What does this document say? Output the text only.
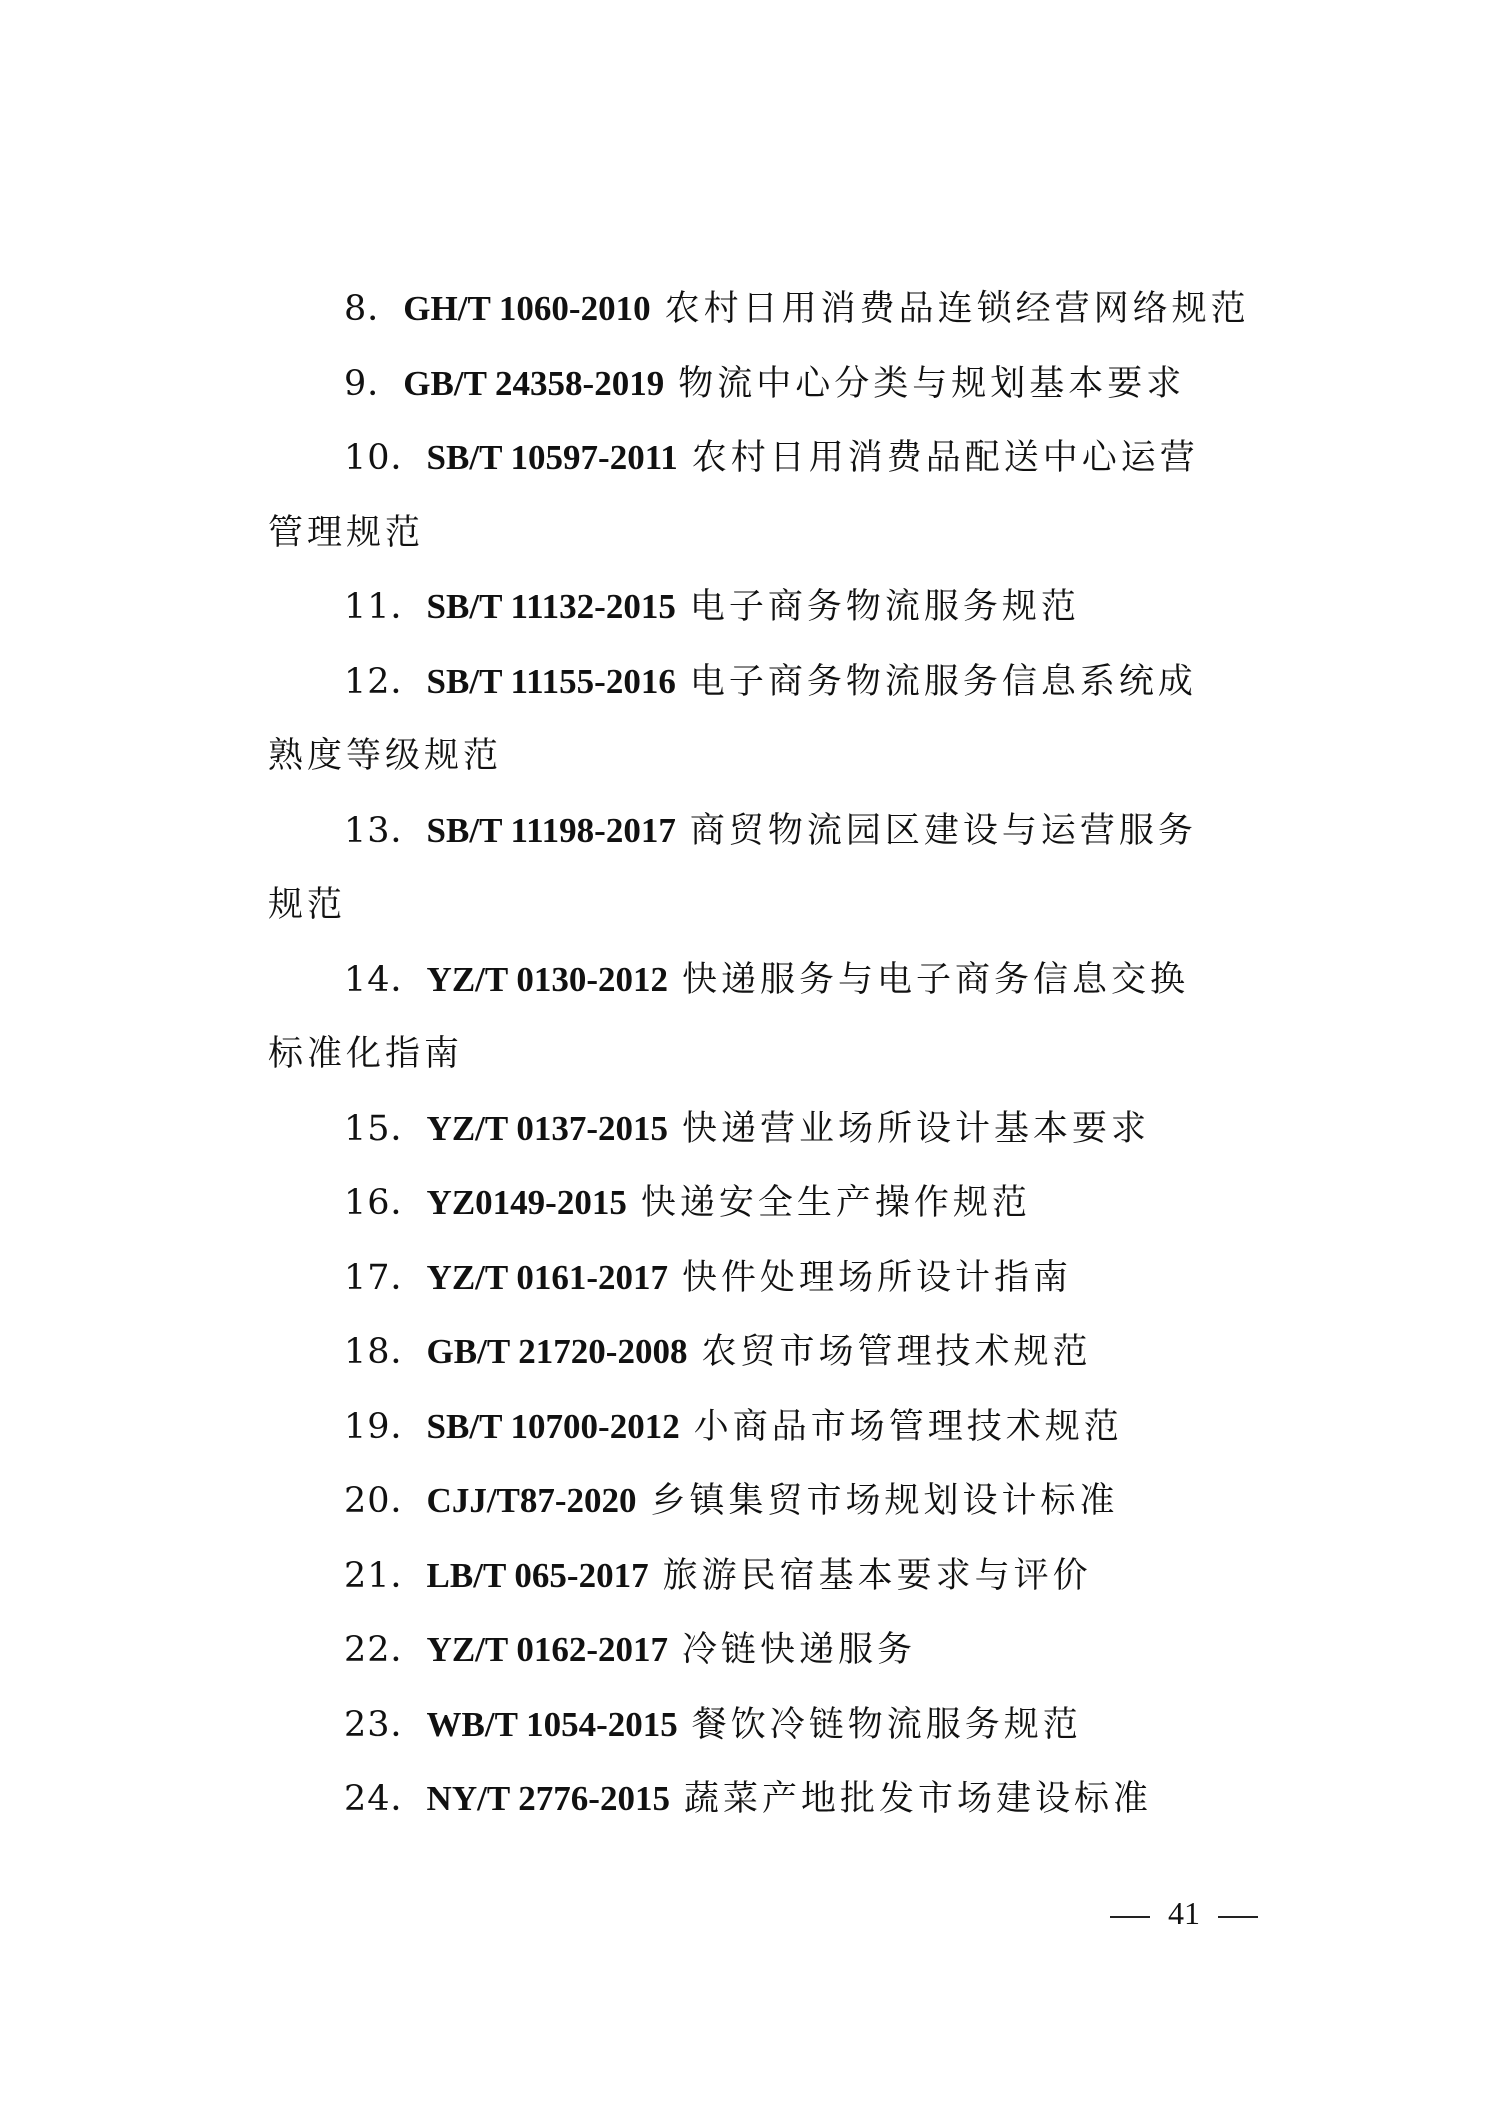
8．GH/T 1060-2010 农村日用消费品连锁经营网络规范
9．GB/T 24358-2019 物流中心分类与规划基本要求
10．SB/T 10597-2011 农村日用消费品配送中心运营管理规范
11．SB/T 11132-2015 电子商务物流服务规范
12．SB/T 11155-2016 电子商务物流服务信息系统成熟度等级规范
13．SB/T 11198-2017 商贸物流园区建设与运营服务规范
14．YZ/T 0130-2012 快递服务与电子商务信息交换标准化指南
15．YZ/T 0137-2015 快递营业场所设计基本要求
16．YZ0149-2015 快递安全生产操作规范
17．YZ/T 0161-2017 快件处理场所设计指南
18．GB/T 21720-2008 农贸市场管理技术规范
19．SB/T 10700-2012 小商品市场管理技术规范
20．CJJ/T87-2020 乡镇集贸市场规划设计标准
21．LB/T 065-2017 旅游民宿基本要求与评价
22．YZ/T 0162-2017 冷链快递服务
23．WB/T 1054-2015 餐饮冷链物流服务规范
24．NY/T 2776-2015 蔬菜产地批发市场建设标准
41
